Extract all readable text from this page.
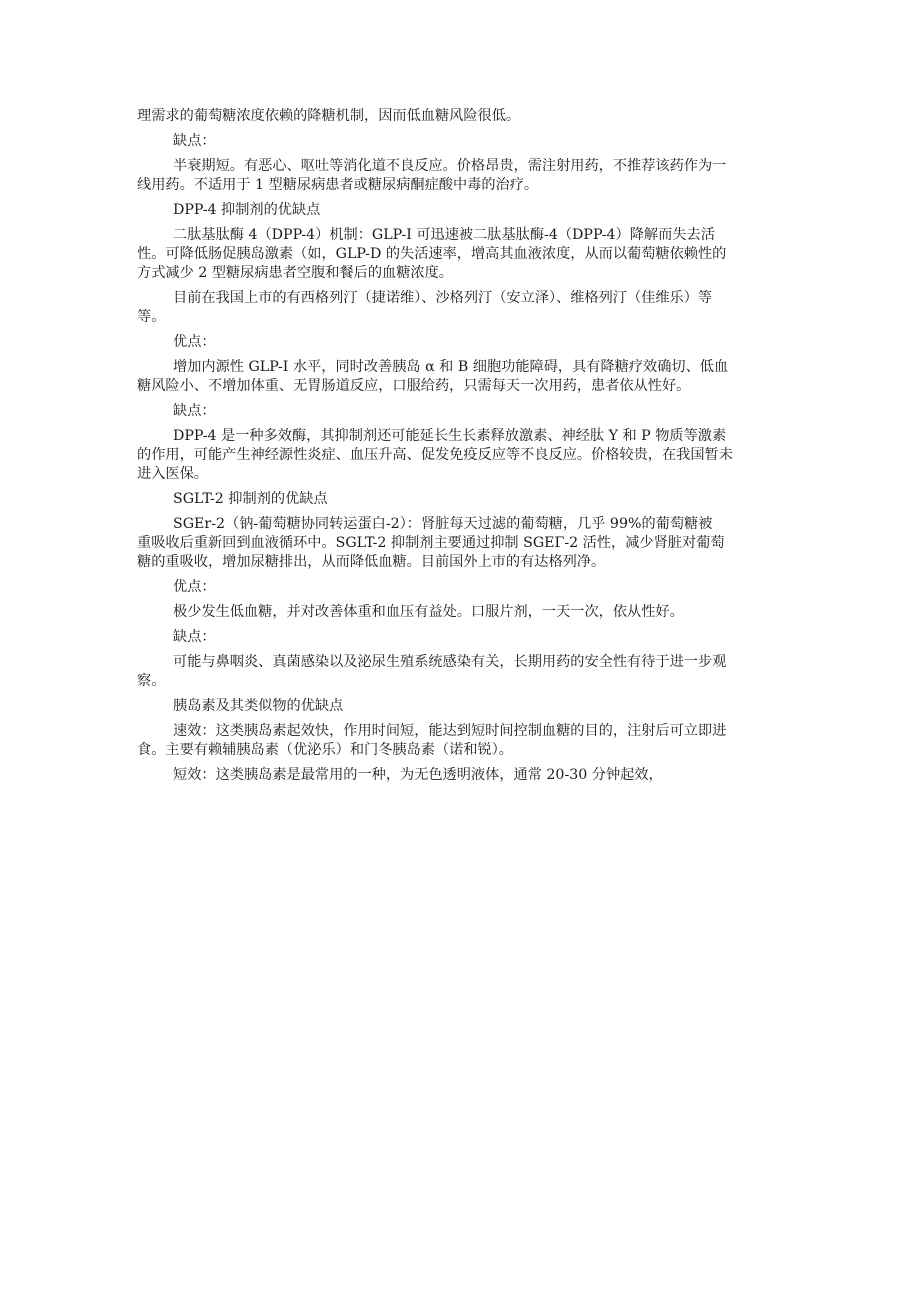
理需求的葡萄糖浓度依赖的降糖机制，因而低血糖风险很低。

缺点：

半衰期短。有恶心、呕吐等消化道不良反应。价格昂贵，需注射用药，不推荐该药作为一

线用药。不适用于 1 型糖尿病患者或糖尿病酮症酸中毒的治疗。

DPP-4 抑制剂的优缺点

二肽基肽酶 4（DPP-4）机制：GLP-I 可迅速被二肽基肽酶-4（DPP-4）降解而失去活

性。可降低肠促胰岛激素（如，GLP-D 的失活速率，增高其血液浓度，从而以葡萄糖依赖性的

方式减少 2 型糖尿病患者空腹和餐后的血糖浓度。

目前在我国上市的有西格列汀（捷诺维）、沙格列汀（安立泽）、维格列汀（佳维乐）等

等。

优点：

增加内源性 GLP-I 水平，同时改善胰岛 α 和 B 细胞功能障碍，具有降糖疗效确切、低血

糖风险小、不增加体重、无胃肠道反应，口服给药，只需每天一次用药，患者依从性好。

缺点：

DPP-4 是一种多效酶，其抑制剂还可能延长生长素释放激素、神经肽 Y 和 P 物质等激素

的作用，可能产生神经源性炎症、血压升高、促发免疫反应等不良反应。价格较贵，在我国暂未

进入医保。

SGLT-2 抑制剂的优缺点

SGEr-2（钠-葡萄糖协同转运蛋白-2）：肾脏每天过滤的葡萄糖，几乎 99%的葡萄糖被

重吸收后重新回到血液循环中。SGLT-2 抑制剂主要通过抑制 SGEΓ-2 活性，减少肾脏对葡萄

糖的重吸收，增加尿糖排出，从而降低血糖。目前国外上市的有达格列净。

优点：

极少发生低血糖，并对改善体重和血压有益处。口服片剂，一天一次，依从性好。

缺点：

可能与鼻咽炎、真菌感染以及泌尿生殖系统感染有关，长期用药的安全性有待于进一步观

察。

胰岛素及其类似物的优缺点

速效：这类胰岛素起效快，作用时间短，能达到短时间控制血糖的目的，注射后可立即进

食。主要有赖辅胰岛素（优泌乐）和门冬胰岛素（诺和锐）。

短效：这类胰岛素是最常用的一种，为无色透明液体，通常 20-30 分钟起效，
